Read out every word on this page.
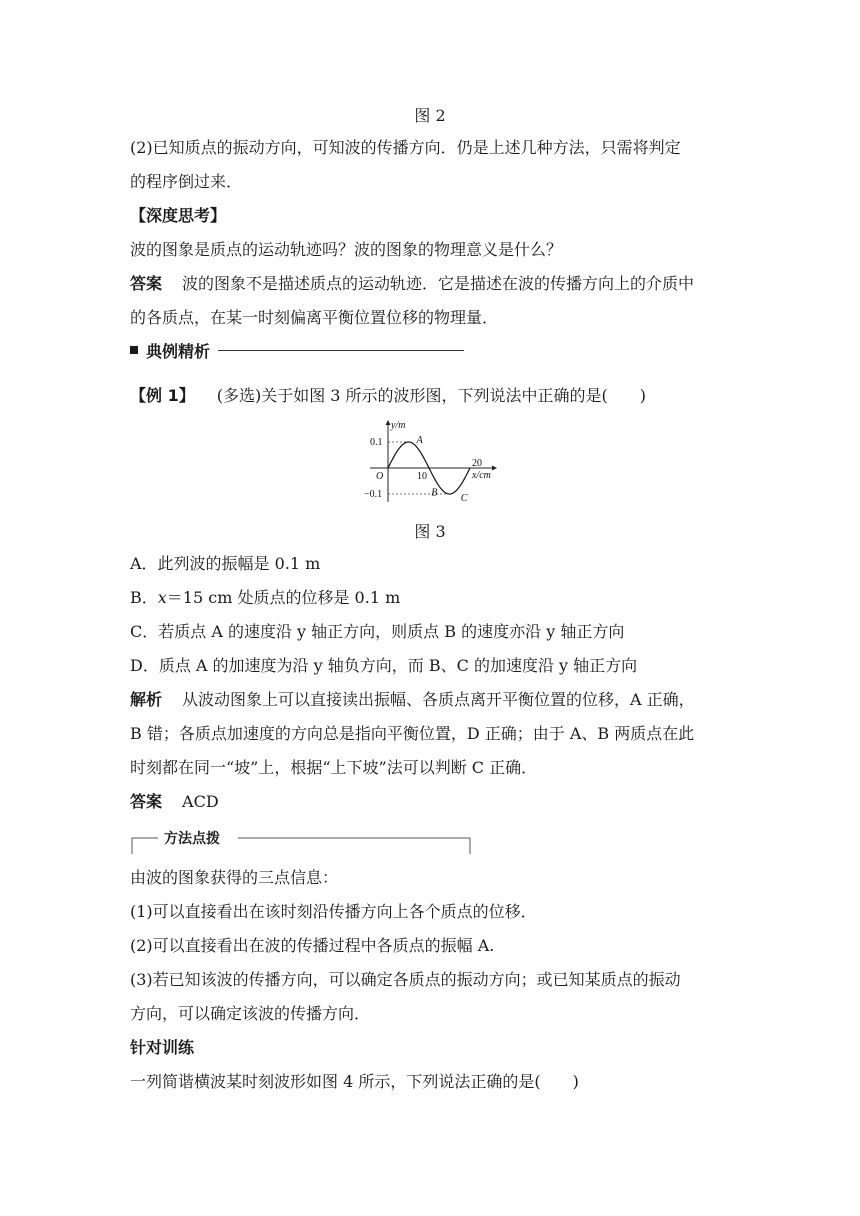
图 2
(2)已知质点的振动方向，可知波的传播方向．仍是上述几种方法，只需将判定
的程序倒过来．
【深度思考】
波的图象是质点的运动轨迹吗？波的图象的物理意义是什么？
答案 波的图象不是描述质点的运动轨迹．它是描述在波的传播方向上的介质中
的各质点，在某一时刻偏离平衡位置位移的物理量．
典例精析
【例 1】 (多选)关于如图 3 所示的波形图，下列说法中正确的是(　　)
y/m
x/cm
O
0.1
−0.1
10
20
A
B C
图 3
A．此列波的振幅是 0.1 m
B．x＝15 cm 处质点的位移是 0.1 m
C．若质点 A 的速度沿 y 轴正方向，则质点 B 的速度亦沿 y 轴正方向
D．质点 A 的加速度为沿 y 轴负方向，而 B、C 的加速度沿 y 轴正方向
解析 从波动图象上可以直接读出振幅、各质点离开平衡位置的位移，A 正确，
B 错；各质点加速度的方向总是指向平衡位置，D 正确；由于 A、B 两质点在此
时刻都在同一“坡”上，根据“上下坡”法可以判断 C 正确．
答案 ACD
方法点拨
由波的图象获得的三点信息：
(1)可以直接看出在该时刻沿传播方向上各个质点的位移．
(2)可以直接看出在波的传播过程中各质点的振幅 A.
(3)若已知该波的传播方向，可以确定各质点的振动方向；或已知某质点的振动
方向，可以确定该波的传播方向．
针对训练
一列简谐横波某时刻波形如图 4 所示，下列说法正确的是(　　)
